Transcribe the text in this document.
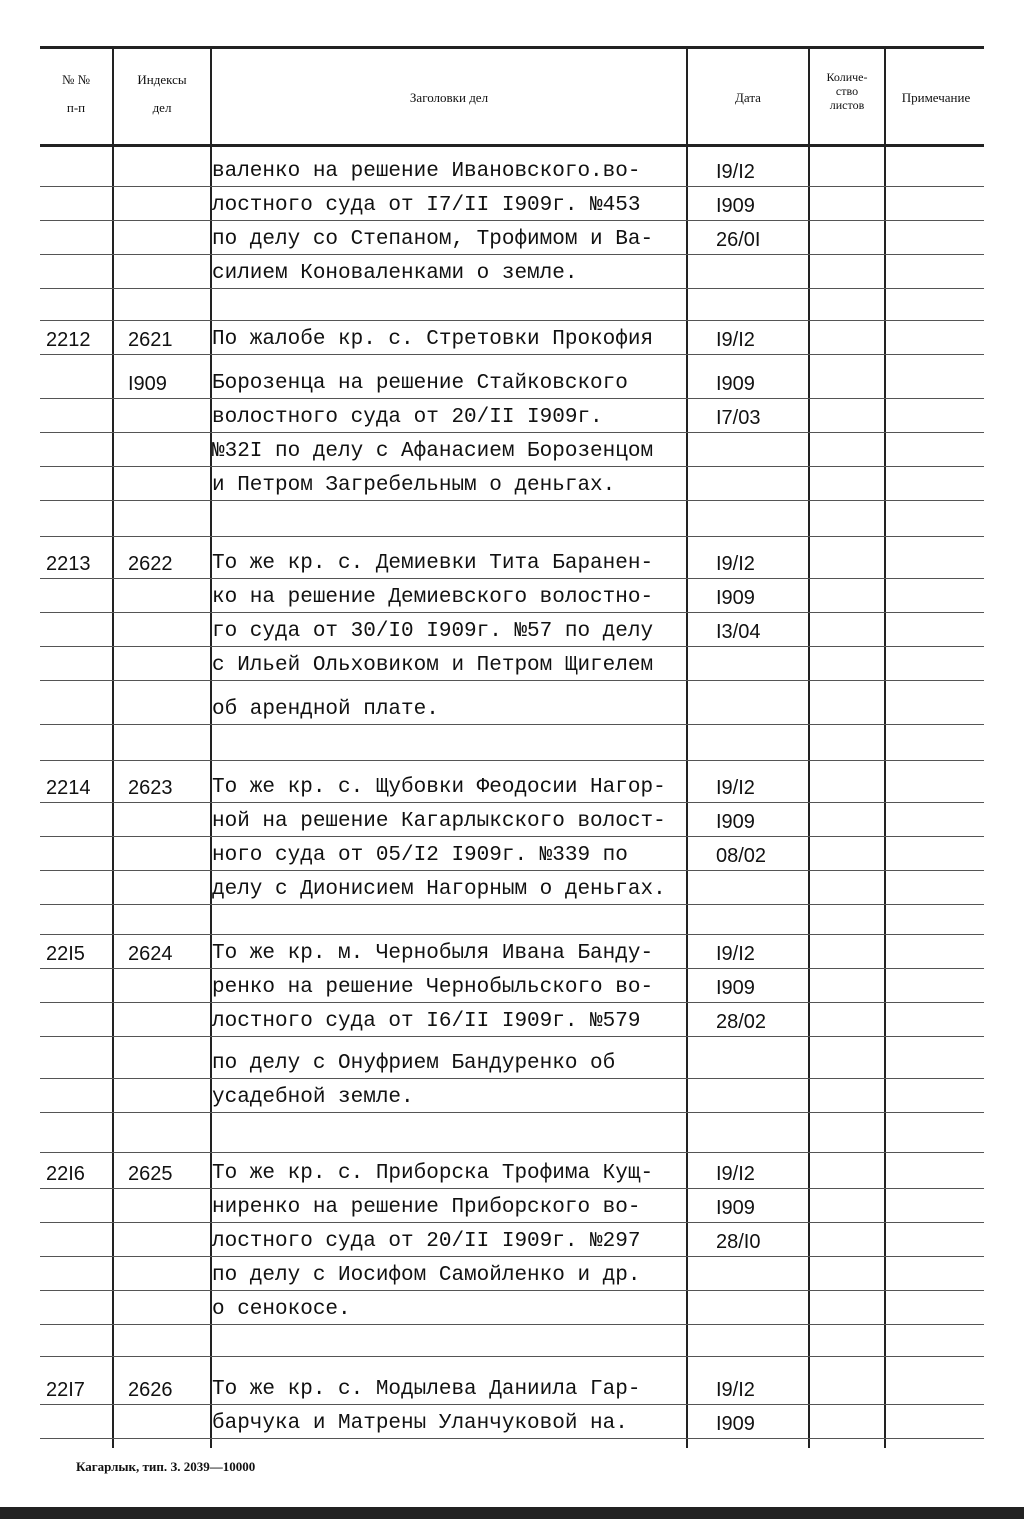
№ №
п-п
Индексы
дел
Заголовки дел	Дата
Количе-
ство
листов	Примечание
валенко на решение Ивановского.во-
лостного суда от I7/II I909г. №453
по делу со Степаном, Трофимом и Ва-
силием Коноваленками о земле.
I9/I2
I909
26/0I
2212 2621
I909
По жалобе кр. с. Стретовки Прокофия
Борозенца на решение Стайковского
волостного суда от 20/II I909г.
№32I по делу с Афанасием Борозенцом
и Петром Загребельным о деньгах.
I9/I2
I909
I7/03
2213 2622 То же кр. с. Демиевки Тита Баранен-
ко на решение Демиевского волостно-
го суда от 30/I0 I909г. №57 по делу
с Ильей Ольховиком и Петром Щигелем
об арендной плате.
I9/I2
I909
I3/04
2214 2623 То же кр. с. Щубовки Феодосии Нагор-
ной на решение Кагарлыкского волост-
ного суда от 05/I2 I909г. №339 по
делу с Дионисием Нагорным о деньгах.
I9/I2
I909
08/02
22I5 2624 То же кр. м. Чернобыля Ивана Банду-
ренко на решение Чернобыльского во-
лостного суда от I6/II I909г. №579
по делу с Онуфрием Бандуренко об
усадебной земле.
I9/I2
I909
28/02
22I6 2625 То же кр. с. Приборска Трофима Кущ-
ниренко на решение Приборского во-
лостного суда от 20/II I909г. №297
по делу с Иосифом Самойленко и др.
о сенокосе.
I9/I2
I909
28/I0
22I7 2626 То же кр. с. Модылева Даниила Гар-
барчука и Матрены Уланчуковой на.
I9/I2
I909
Кагарлык, тип. З. 2039—10000
